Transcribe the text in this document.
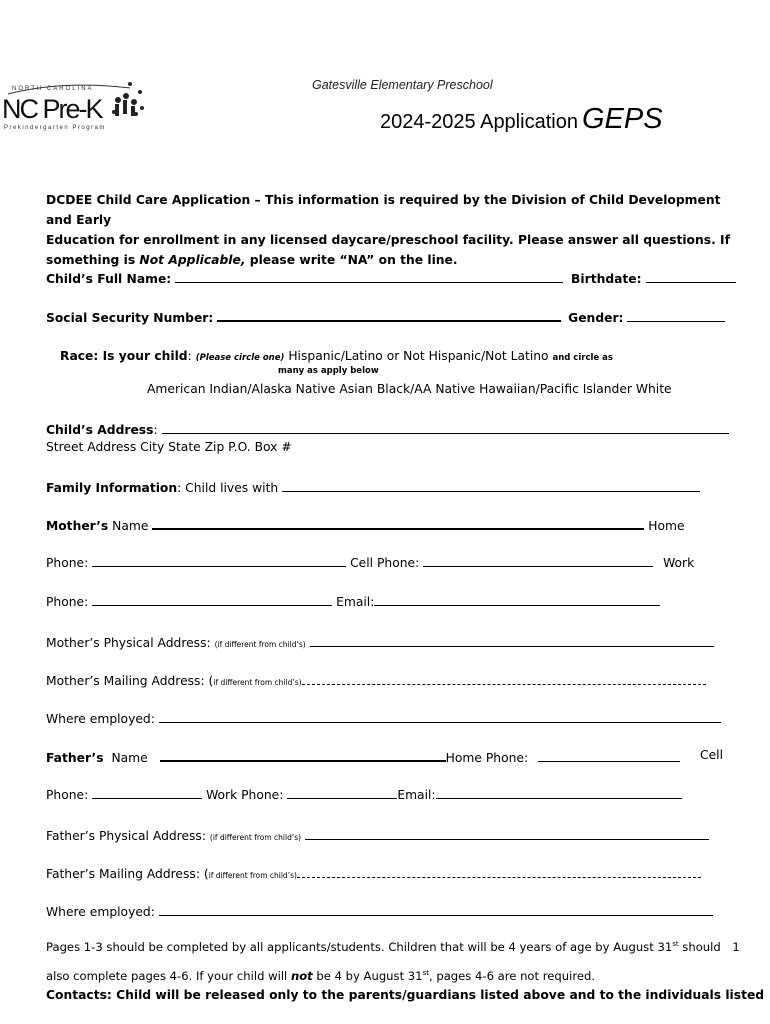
NORTH CAROLINA
NC Pre-K
Prekindergarten Program
Gatesville Elementary Preschool
2024-2025 Application GEPS
DCDEE Child Care Application – This information is required by the Division of Child Development and Early
Education for enrollment in any licensed daycare/preschool facility. Please answer all questions. If
something is Not Applicable, please write “NA” on the line.
Child’s Full Name:	Birthdate:
Social Security Number:	Gender:
Race: Is your child: (Please circle one) Hispanic/Latino or Not Hispanic/Not Latino and circle as
many as apply below
American Indian/Alaska Native Asian Black/AA Native Hawaiian/Pacific Islander White
Child’s Address:
Street Address City State Zip P.O. Box #
Family Information: Child lives with
Mother’s Name	Home
Phone:	Cell Phone:	Work
Phone:	Email:
Mother’s Physical Address: (if different from child’s)
Mother’s Mailing Address: (if different from child’s)
Where employed:
Father’s Name	Home Phone:	Cell
Phone:	Work Phone:	Email:
Father’s Physical Address: (if different from child’s)
Father’s Mailing Address: (if different from child’s)
Where employed:
Pages 1-3 should be completed by all applicants/students. Children that will be 4 years of age by August 31st should 1
also complete pages 4-6. If your child will not be 4 by August 31st, pages 4-6 are not required.
Contacts: Child will be released only to the parents/guardians listed above and to the individuals listed
